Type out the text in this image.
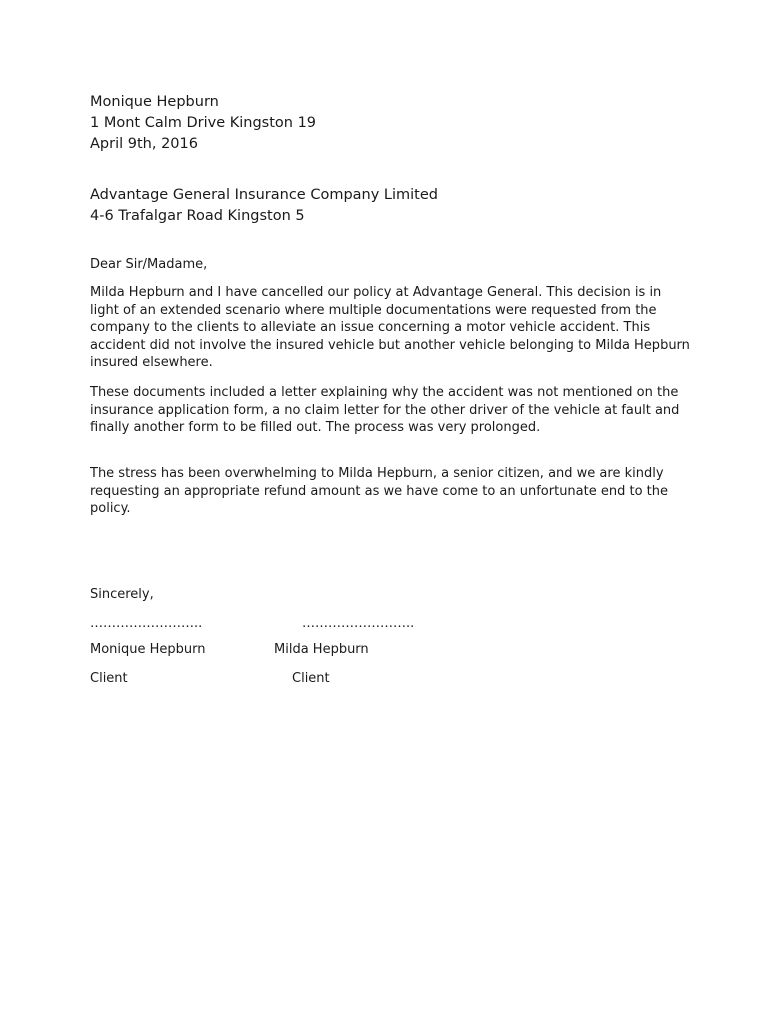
Monique Hepburn

1 Mont Calm Drive Kingston 19

April 9th, 2016

Advantage General Insurance Company Limited

4-6 Trafalgar Road Kingston 5

Dear Sir/Madame,

Milda Hepburn and I have cancelled our policy at Advantage General. This decision is in light of an extended scenario where multiple documentations were requested from the company to the clients to alleviate an issue concerning a motor vehicle accident. This accident did not involve the insured vehicle but another vehicle belonging to Milda Hepburn insured elsewhere.

These documents included a letter explaining why the accident was not mentioned on the insurance application form, a no claim letter for the other driver of the vehicle at fault and finally another form to be filled out. The process was very prolonged.

The stress has been overwhelming to Milda Hepburn, a senior citizen, and we are kindly requesting an appropriate refund amount as we have come to an unfortunate end to the policy.

Sincerely,

……………………..	……………………..
Monique Hepburn	Milda Hepburn
Client	Client
